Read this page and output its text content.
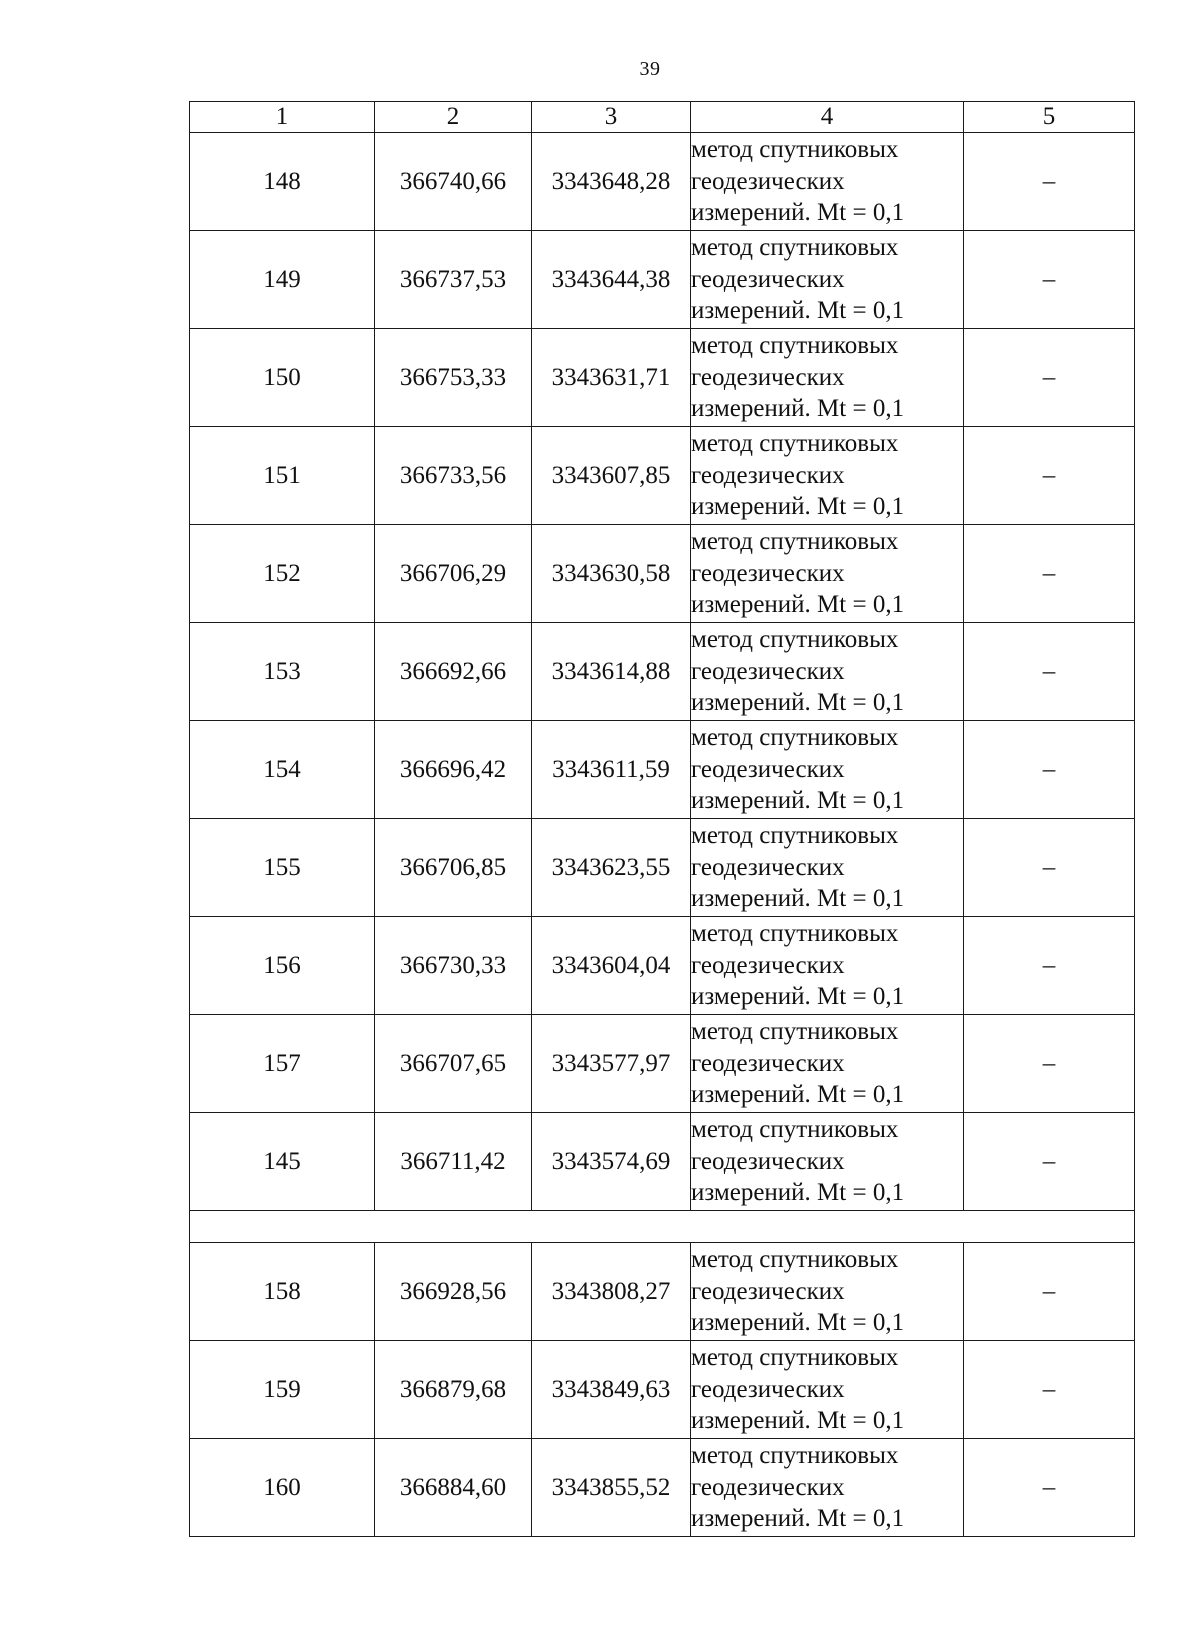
39
1	2	3	4	5
148	366740,66	3343648,28	метод спутниковых
геодезических
измерений. Mt = 0,1	–
149	366737,53	3343644,38	метод спутниковых
геодезических
измерений. Mt = 0,1	–
150	366753,33	3343631,71	метод спутниковых
геодезических
измерений. Mt = 0,1	–
151	366733,56	3343607,85	метод спутниковых
геодезических
измерений. Mt = 0,1	–
152	366706,29	3343630,58	метод спутниковых
геодезических
измерений. Mt = 0,1	–
153	366692,66	3343614,88	метод спутниковых
геодезических
измерений. Mt = 0,1	–
154	366696,42	3343611,59	метод спутниковых
геодезических
измерений. Mt = 0,1	–
155	366706,85	3343623,55	метод спутниковых
геодезических
измерений. Mt = 0,1	–
156	366730,33	3343604,04	метод спутниковых
геодезических
измерений. Mt = 0,1	–
157	366707,65	3343577,97	метод спутниковых
геодезических
измерений. Mt = 0,1	–
145	366711,42	3343574,69	метод спутниковых
геодезических
измерений. Mt = 0,1	–

158	366928,56	3343808,27	метод спутниковых
геодезических
измерений. Mt = 0,1	–
159	366879,68	3343849,63	метод спутниковых
геодезических
измерений. Mt = 0,1	–
160	366884,60	3343855,52	метод спутниковых
геодезических
измерений. Mt = 0,1	–
